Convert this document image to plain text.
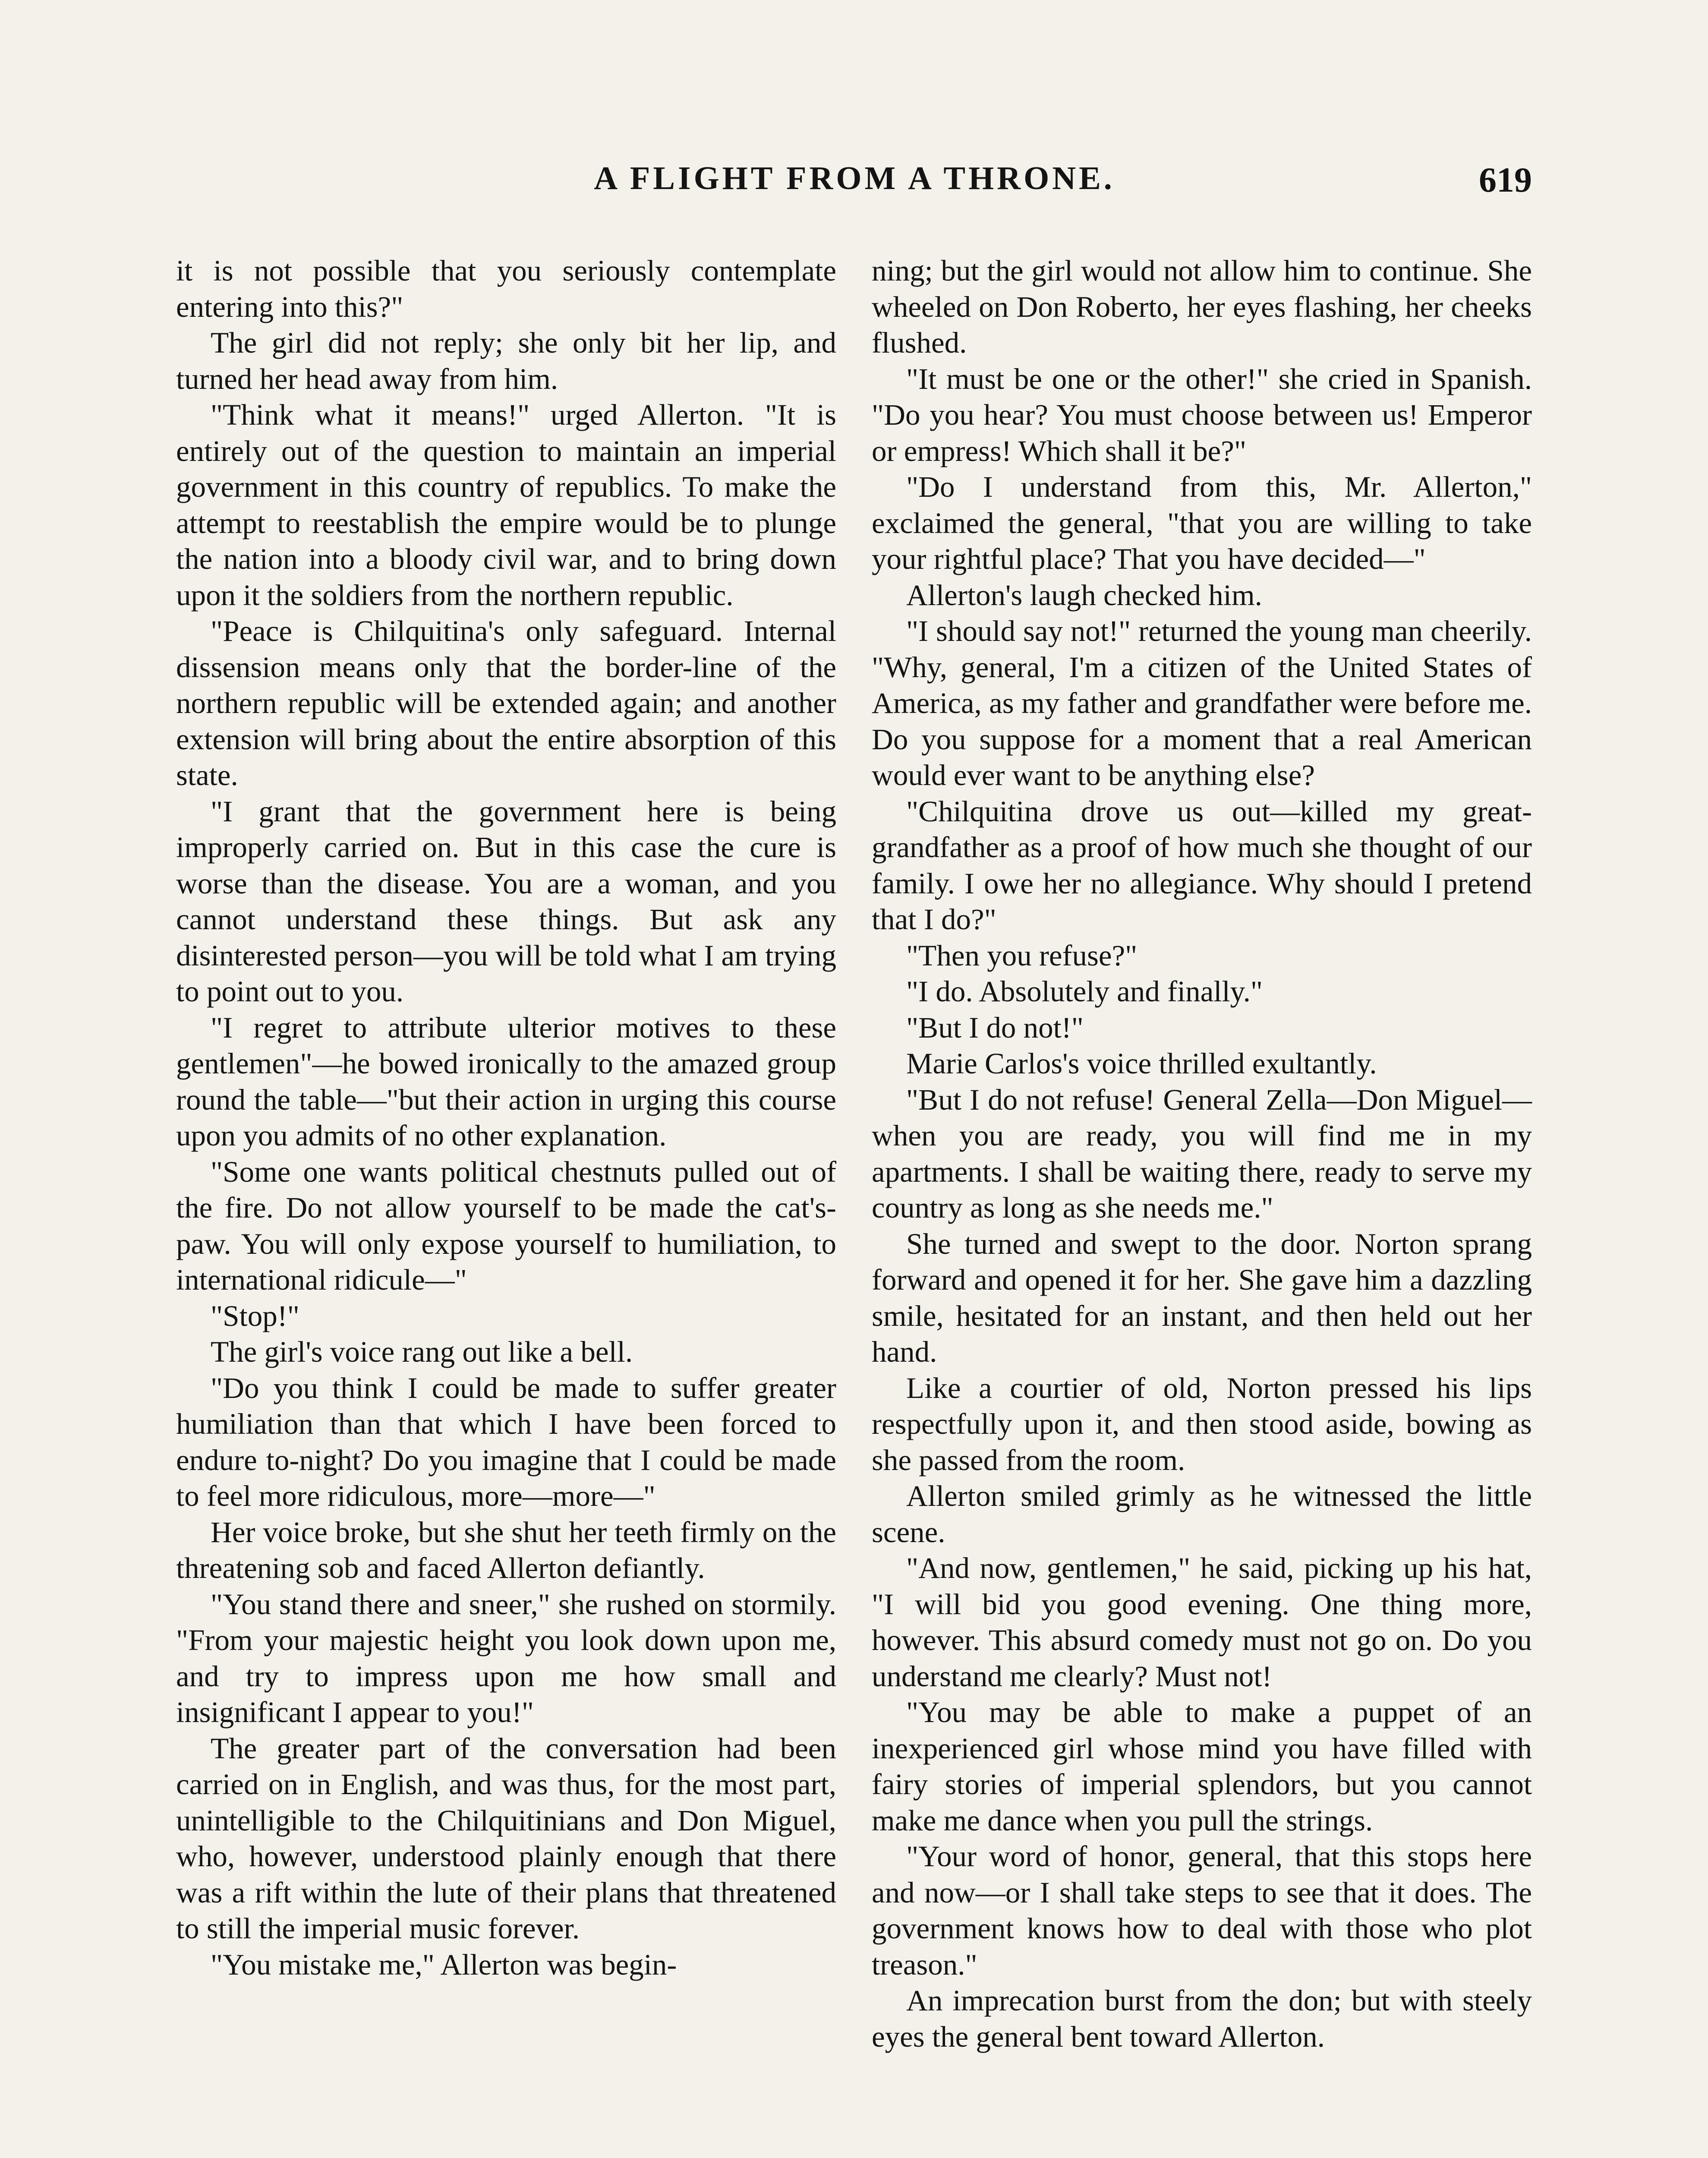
A FLIGHT FROM A THRONE.	619

it is not possible that you seriously contemplate entering into this?"

The girl did not reply; she only bit her lip, and turned her head away from him.

"Think what it means!" urged Allerton. "It is entirely out of the question to maintain an imperial government in this country of republics. To make the attempt to reestablish the empire would be to plunge the nation into a bloody civil war, and to bring down upon it the soldiers from the northern republic.

"Peace is Chilquitina's only safeguard. Internal dissension means only that the border-line of the northern republic will be extended again; and another extension will bring about the entire absorption of this state.

"I grant that the government here is being improperly carried on. But in this case the cure is worse than the disease. You are a woman, and you cannot understand these things. But ask any disinterested person—you will be told what I am trying to point out to you.

"I regret to attribute ulterior motives to these gentlemen"—he bowed ironically to the amazed group round the table—"but their action in urging this course upon you admits of no other explanation.

"Some one wants political chestnuts pulled out of the fire. Do not allow yourself to be made the cat's-paw. You will only expose yourself to humiliation, to international ridicule—"

"Stop!"

The girl's voice rang out like a bell.

"Do you think I could be made to suffer greater humiliation than that which I have been forced to endure to-night? Do you imagine that I could be made to feel more ridiculous, more—more—"

Her voice broke, but she shut her teeth firmly on the threatening sob and faced Allerton defiantly.

"You stand there and sneer," she rushed on stormily. "From your majestic height you look down upon me, and try to impress upon me how small and insignificant I appear to you!"

The greater part of the conversation had been carried on in English, and was thus, for the most part, unintelligible to the Chilquitinians and Don Miguel, who, however, understood plainly enough that there was a rift within the lute of their plans that threatened to still the imperial music forever.

"You mistake me," Allerton was begin-

ning; but the girl would not allow him to continue. She wheeled on Don Roberto, her eyes flashing, her cheeks flushed.

"It must be one or the other!" she cried in Spanish. "Do you hear? You must choose between us! Emperor or empress! Which shall it be?"

"Do I understand from this, Mr. Allerton," exclaimed the general, "that you are willing to take your rightful place? That you have decided—"

Allerton's laugh checked him.

"I should say not!" returned the young man cheerily. "Why, general, I'm a citizen of the United States of America, as my father and grandfather were before me. Do you suppose for a moment that a real American would ever want to be anything else?

"Chilquitina drove us out—killed my great-grandfather as a proof of how much she thought of our family. I owe her no allegiance. Why should I pretend that I do?"

"Then you refuse?"

"I do. Absolutely and finally."

"But I do not!"

Marie Carlos's voice thrilled exultantly.

"But I do not refuse! General Zella—Don Miguel—when you are ready, you will find me in my apartments. I shall be waiting there, ready to serve my country as long as she needs me."

She turned and swept to the door. Norton sprang forward and opened it for her. She gave him a dazzling smile, hesitated for an instant, and then held out her hand.

Like a courtier of old, Norton pressed his lips respectfully upon it, and then stood aside, bowing as she passed from the room.

Allerton smiled grimly as he witnessed the little scene.

"And now, gentlemen," he said, picking up his hat, "I will bid you good evening. One thing more, however. This absurd comedy must not go on. Do you understand me clearly? Must not!

"You may be able to make a puppet of an inexperienced girl whose mind you have filled with fairy stories of imperial splendors, but you cannot make me dance when you pull the strings.

"Your word of honor, general, that this stops here and now—or I shall take steps to see that it does. The government knows how to deal with those who plot treason."

An imprecation burst from the don; but with steely eyes the general bent toward Allerton.
